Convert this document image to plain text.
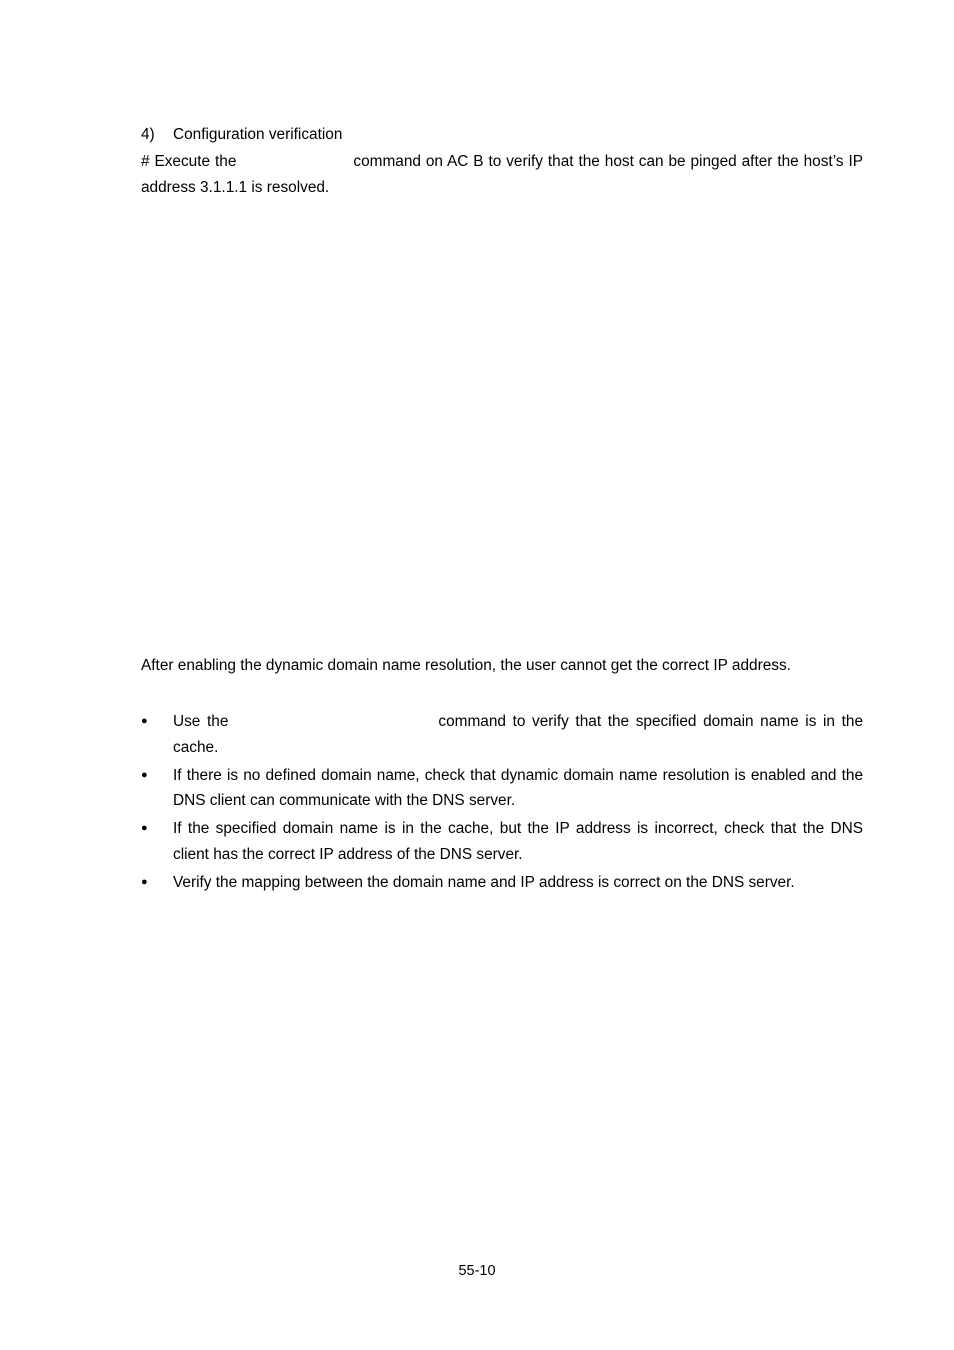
4)	Configuration verification
# Execute the	command on AC B to verify that the host can be pinged after the host’s IP address 3.1.1.1 is resolved.
After enabling the dynamic domain name resolution, the user cannot get the correct IP address.
● Use the	command to verify that the specified domain name is in the cache.
● If there is no defined domain name, check that dynamic domain name resolution is enabled and the DNS client can communicate with the DNS server.
● If the specified domain name is in the cache, but the IP address is incorrect, check that the DNS client has the correct IP address of the DNS server.
● Verify the mapping between the domain name and IP address is correct on the DNS server.
55-10
